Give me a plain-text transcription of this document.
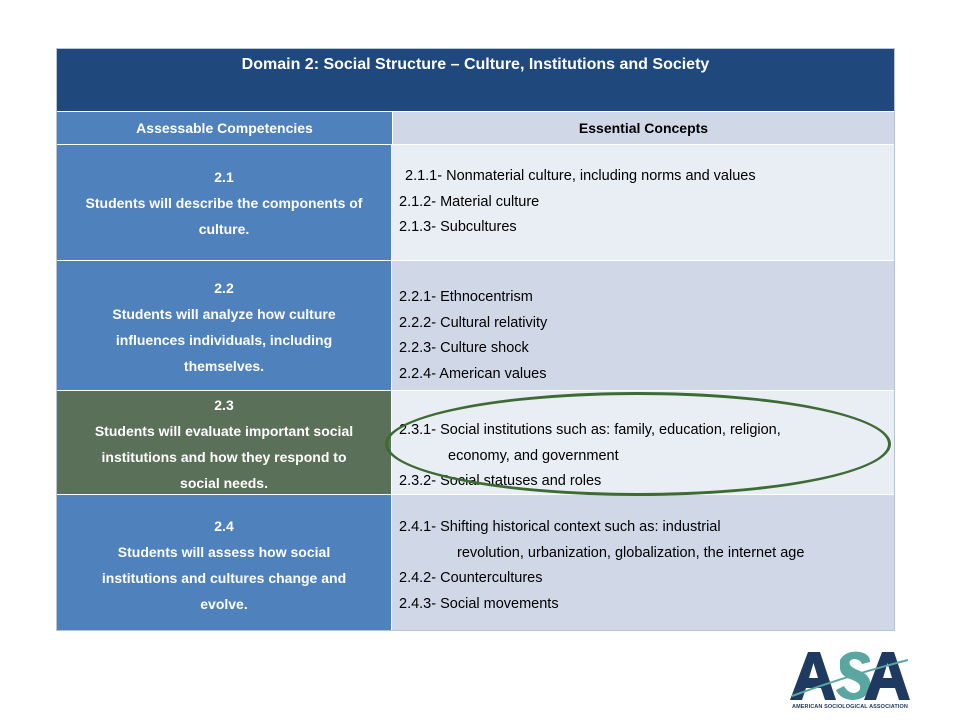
Domain 2: Social Structure – Culture, Institutions and Society
Assessable Competencies	Essential Concepts
2.1
Students will describe the components of
culture.
2.1.1- Nonmaterial culture, including norms and values
2.1.2- Material culture
2.1.3- Subcultures
2.2
Students will analyze how culture
influences individuals, including
themselves.
2.2.1- Ethnocentrism
2.2.2- Cultural relativity
2.2.3- Culture shock
2.2.4- American values
2.3
Students will evaluate important social
institutions and how they respond to
social needs.
2.3.1- Social institutions such as: family, education, religion,
economy, and government
2.3.2- Social statuses and roles
2.4
Students will assess how social
institutions and cultures change and
evolve.
2.4.1- Shifting historical context such as: industrial
revolution, urbanization, globalization, the internet age
2.4.2- Countercultures
2.4.3- Social movements
AMERICAN SOCIOLOGICAL ASSOCIATION
